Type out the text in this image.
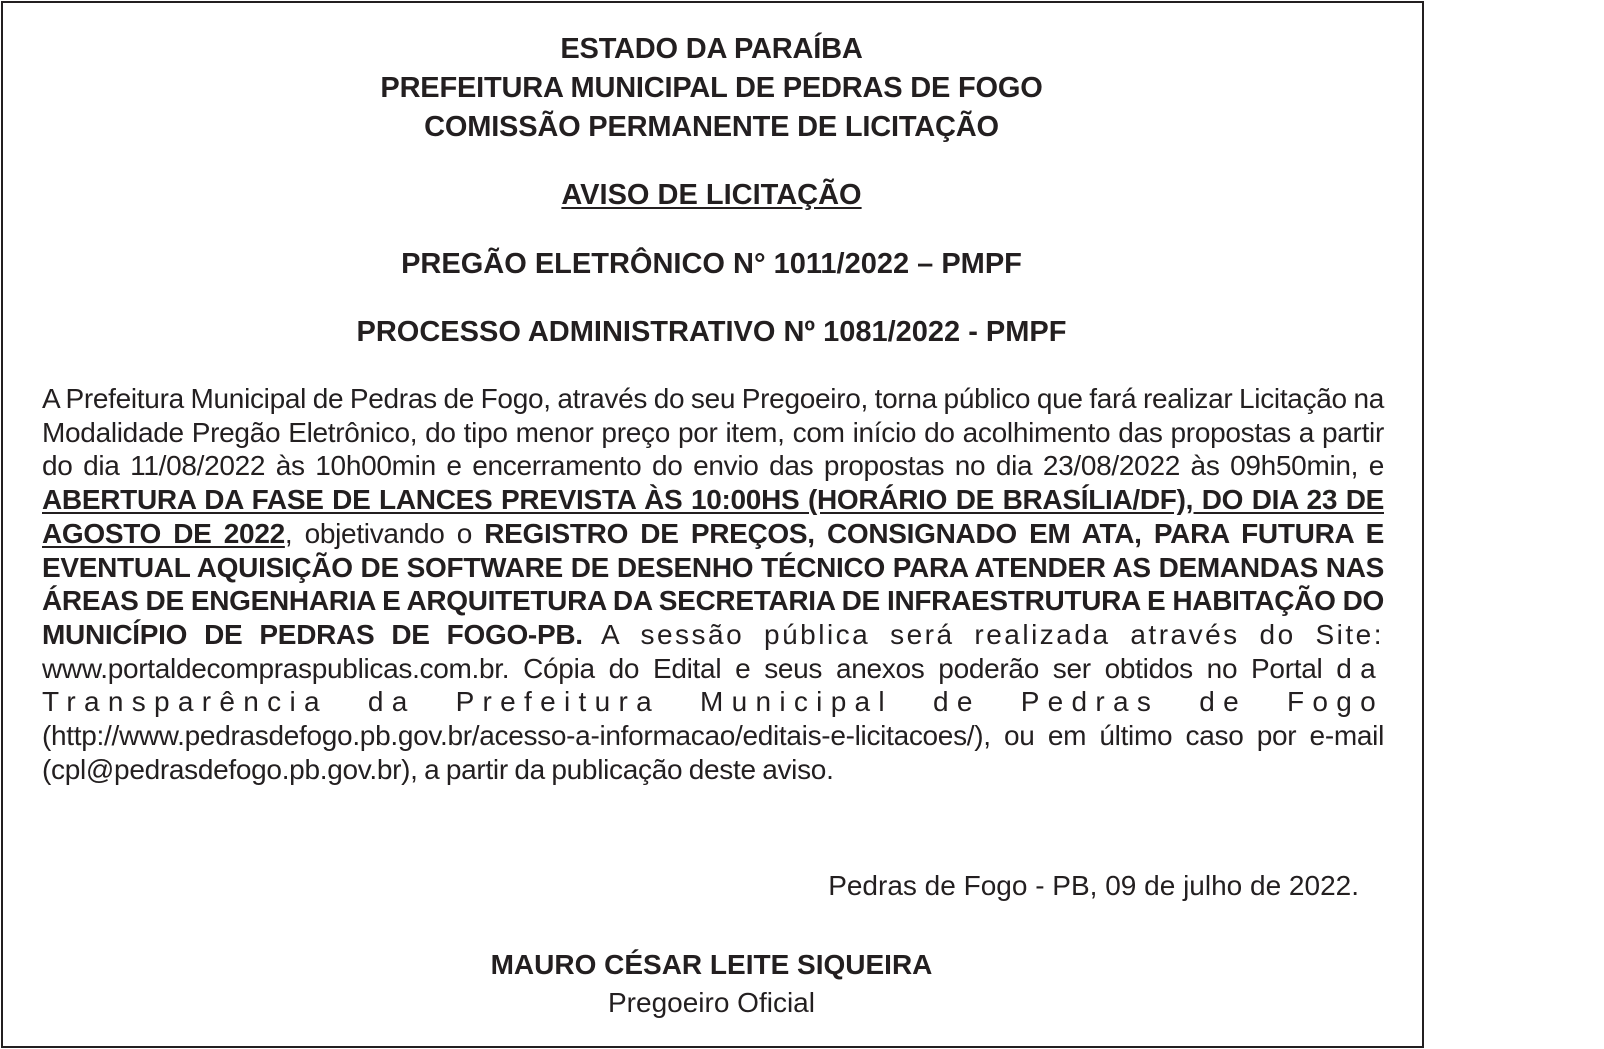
ESTADO DA PARAÍBA
PREFEITURA MUNICIPAL DE PEDRAS DE FOGO
COMISSÃO PERMANENTE DE LICITAÇÃO
AVISO DE LICITAÇÃO
PREGÃO ELETRÔNICO N° 1011/2022 – PMPF
PROCESSO ADMINISTRATIVO Nº 1081/2022 - PMPF
A Prefeitura Municipal de Pedras de Fogo, através do seu Pregoeiro, torna público que fará realizar Licitação na Modalidade Pregão Eletrônico, do tipo menor preço por item, com início do acolhimento das propostas a partir do dia 11/08/2022 às 10h00min e encerramento do envio das propostas no dia 23/08/2022 às 09h50min, e ABERTURA DA FASE DE LANCES PREVISTA ÀS 10:00HS (HORÁRIO DE BRASÍLIA/DF), DO DIA 23 DE AGOSTO DE 2022, objetivando o REGISTRO DE PREÇOS, CONSIGNADO EM ATA, PARA FUTURA E EVENTUAL AQUISIÇÃO DE SOFTWARE DE DESENHO TÉCNICO PARA ATENDER AS DEMANDAS NAS ÁREAS DE ENGENHARIA E ARQUITETURA DA SECRETARIA DE INFRAESTRUTURA E HABITAÇÃO DO MUNICÍPIO DE PEDRAS DE FOGO-PB. A sessão pública será realizada através do Site: www.portaldecompraspublicas.com.br. Cópia do Edital e seus anexos poderão ser obtidos no Portal da Transparência da Prefeitura Municipal de Pedras de Fogo (http://www.pedrasdefogo.pb.gov.br/acesso-a-informacao/editais-e-licitacoes/), ou em último caso por e-mail (cpl@pedrasdefogo.pb.gov.br), a partir da publicação deste aviso.
Pedras de Fogo - PB, 09 de julho de 2022.
MAURO CÉSAR LEITE SIQUEIRA
Pregoeiro Oficial
